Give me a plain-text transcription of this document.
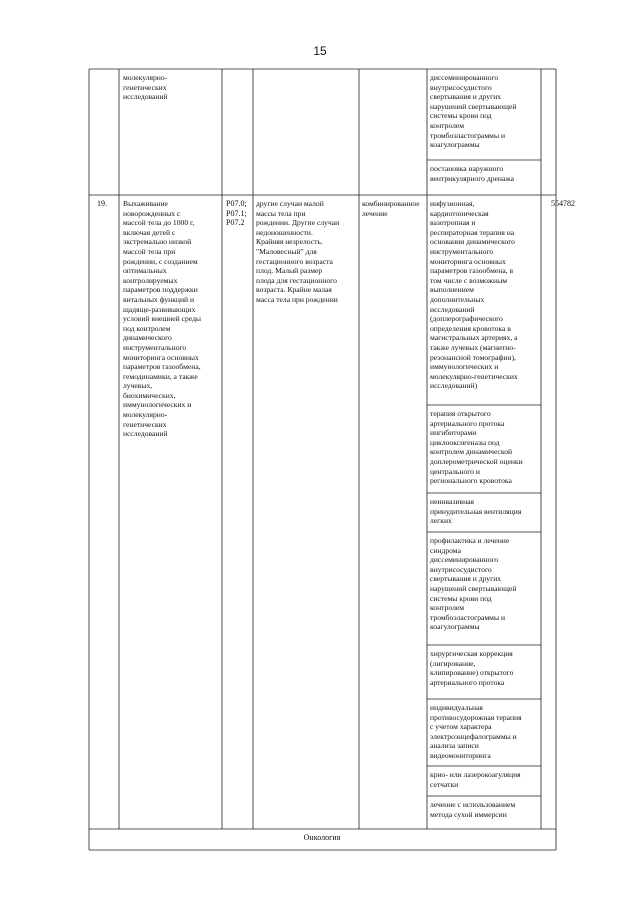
15
молекулярно-
генетических
исследований
диссеминированного
внутрисосудистого
свертывания и других
нарушений свертывающей
системы крови под
контролем
тромбоэластограммы и
коагулограммы
постановка наружного
вентрикулярного дренажа
19.	Выхаживание
новорожденных с
массой тела до 1000 г,
включая детей с
экстремально низкой
массой тела при
рождении, с созданием
оптимальных
контролируемых
параметров поддержки
витальных функций и
щадяще-развивающих
условий внешней среды
под контролем
динамического
инструментального
мониторинга основных
параметров газообмена,
гемодинамики, а также
лучевых,
биохимических,
иммунологических и
молекулярно-
генетических
исследований
P07.0;
P07.1;
P07.2
другие случаи малой
массы тела при
рождении. Другие случаи
недоношенности.
Крайняя незрелость.
"Маловесный" для
гестационного возраста
плод. Малый размер
плода для гестационного
возраста. Крайне малая
масса тела при рождении
комбинированное
лечение
554782
инфузионная,
кардиотоническая
вазотропная и
респираторная терапия на
основании динамического
инструментального
мониторинга основных
параметров газообмена, в
том числе с возможным
выполнением
дополнительных
исследований
(доплерографического
определения кровотока в
магистральных артериях, а
также лучевых (магнитно-
резонансной томографии),
иммунологических и
молекулярно-генетических
исследований)
терапия открытого
артериального протока
ингибиторами
циклооксигеназы под
контролем динамической
доплерометрической оценки
центрального и
регионального кровотока
неинвазивная
принудительная вентиляция
легких
профилактика и лечение
синдрома
диссеминированного
внутрисосудистого
свертывания и других
нарушений свертывающей
системы крови под
контролем
тромбоэластограммы и
коагулограммы
хирургическая коррекция
(лигирование,
клипирование) открытого
артериального протока
индивидуальная
противосудорожная терапия
с учетом характера
электроэнцефалограммы и
анализа записи
видеомониторинга
крио- или лазерокоагуляция
сетчатки
лечение с использованием
метода сухой иммерсии
Онкология
